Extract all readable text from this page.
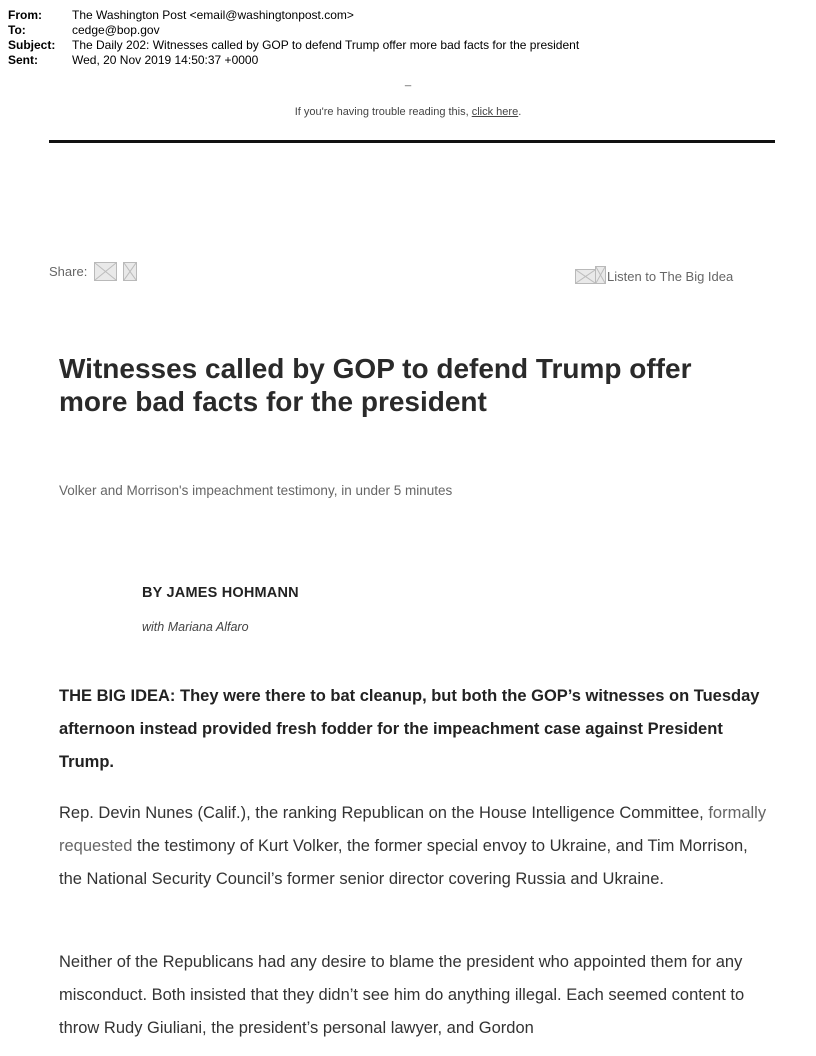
From:	The Washington Post <email@washingtonpost.com>
To:	cedge@bop.gov
Subject:	The Daily 202: Witnesses called by GOP to defend Trump offer more bad facts for the president
Sent:	Wed, 20 Nov 2019 14:50:37 +0000
_
If you're having trouble reading this, click here.
Share:	Listen to The Big Idea
Witnesses called by GOP to defend Trump offer more bad facts for the president
Volker and Morrison's impeachment testimony, in under 5 minutes
BY JAMES HOHMANN
with Mariana Alfaro
THE BIG IDEA: They were there to bat cleanup, but both the GOP’s witnesses on Tuesday afternoon instead provided fresh fodder for the impeachment case against President Trump.

Rep. Devin Nunes (Calif.), the ranking Republican on the House Intelligence Committee, formally requested the testimony of Kurt Volker, the former special envoy to Ukraine, and Tim Morrison, the National Security Council’s former senior director covering Russia and Ukraine.

Neither of the Republicans had any desire to blame the president who appointed them for any misconduct. Both insisted that they didn’t see him do anything illegal. Each seemed content to throw Rudy Giuliani, the president’s personal lawyer, and Gordon
